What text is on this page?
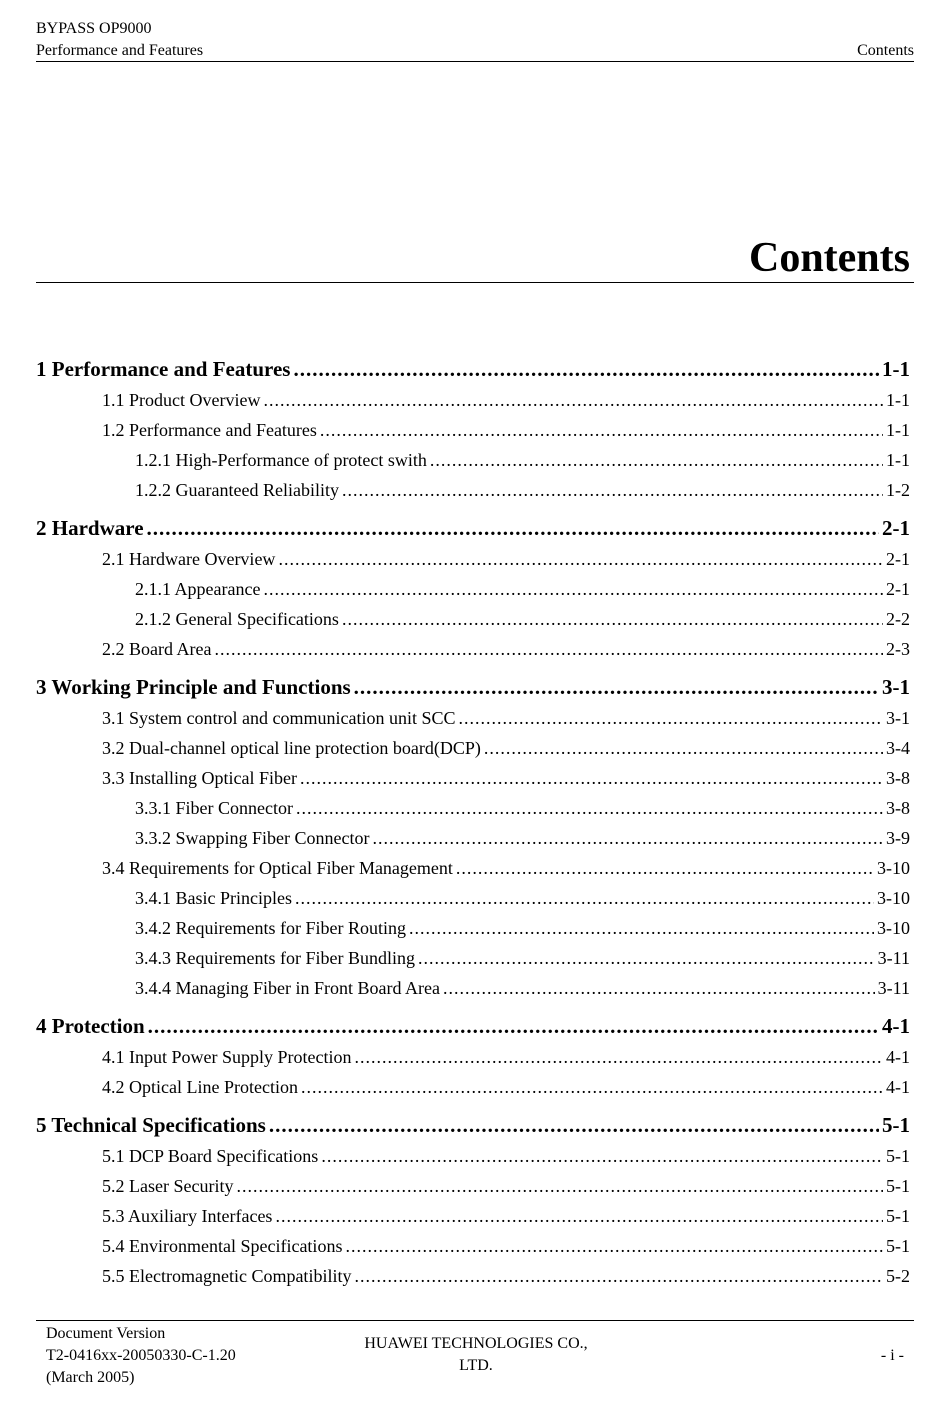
BYPASS OP9000
Performance and Features	Contents
Contents
1 Performance and Features .....	1-1
1.1 Product Overview .....	1-1
1.2 Performance and Features .....	1-1
1.2.1 High-Performance of protect swith .....	1-1
1.2.2 Guaranteed Reliability .....	1-2
2 Hardware .....	2-1
2.1 Hardware Overview .....	2-1
2.1.1 Appearance .....	2-1
2.1.2 General Specifications .....	2-2
2.2 Board Area .....	2-3
3 Working Principle and Functions .....	3-1
3.1 System control and communication unit SCC .....	3-1
3.2 Dual-channel optical line protection board(DCP) .....	3-4
3.3 Installing Optical Fiber .....	3-8
3.3.1 Fiber Connector .....	3-8
3.3.2 Swapping Fiber Connector .....	3-9
3.4 Requirements for Optical Fiber Management .....	3-10
3.4.1 Basic Principles .....	3-10
3.4.2 Requirements for Fiber Routing .....	3-10
3.4.3 Requirements for Fiber Bundling .....	3-11
3.4.4 Managing Fiber in Front Board Area .....	3-11
4 Protection .....	4-1
4.1 Input Power Supply Protection .....	4-1
4.2 Optical Line Protection .....	4-1
5 Technical Specifications .....	5-1
5.1 DCP Board Specifications .....	5-1
5.2 Laser Security .....	5-1
5.3 Auxiliary Interfaces .....	5-1
5.4 Environmental Specifications .....	5-1
5.5 Electromagnetic Compatibility .....	5-2
Document Version
T2-0416xx-20050330-C-1.20
(March 2005)
HUAWEI TECHNOLOGIES CO.,
LTD.
- i -
